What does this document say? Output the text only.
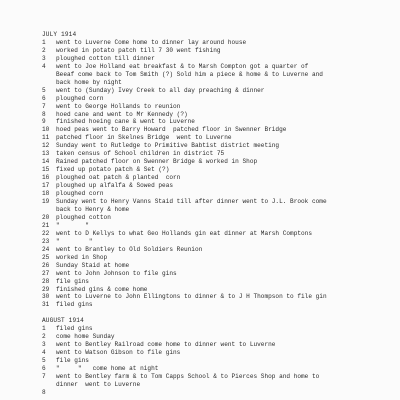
JULY 1914
1	went to Luverne Come home to dinner lay around house
2	worked in potato patch till 7 30 went fishing
3	ploughed cotton till dinner
4	went to Joe Holland eat breakfast & to Marsh Compton got a quarter of
Beeaf come back to Tom Smith (?) Sold him a piece & home & to Luverne and
back home by night
5	went to (Sunday) Ivey Creek to all day preaching & dinner
6	ploughed corn
7	went to George Hollands to reunion
8	hoed cane and went to Mr Kennedy (?)
9	finished hoeing cane & went to Luverne
10	hoed peas went to Barry Howard  patched floor in Swenner Bridge
11	patched floor in Skelnes Bridge  went to Luverne
12	Sunday went to Rutledge to Primitive Babtist district meeting
13	taken census of School children in district 75
14	Rained patched floor on Swenner Bridge & worked in Shop
15	fixed up potato patch & Set (?)
16	ploughed oat patch & planted  corn
17	ploughed up alfalfa & Sowed peas
18	ploughed corn
19	Sunday went to Henry Vanns Staid till after dinner went to J.L. Brook come
back to Henry & home
20	ploughed cotton
21	"       "
22	went to D Kellys to what Geo Hollands gin eat dinner at Marsh Comptons
23	"        "
24	went to Brantley to Old Soldiers Reunion
25	worked in Shop
26	Sunday Staid at home
27	went to John Johnson to file gins
28	file gins
29	finished gins & come home
30	went to Luverne to John Ellingtons to dinner & to J H Thompson to file gin
31	filed gins
AUGUST 1914
1	filed gins
2	come home Sunday
3	went to Bentley Railroad come home to dinner went to Luverne
4	went to Watson Gibson to file gins
5	file gins
6	"     "   come home at night
7	went to Bentley farm & to Tom Capps School & to Pierces Shop and home to
dinner  went to Luverne
8
